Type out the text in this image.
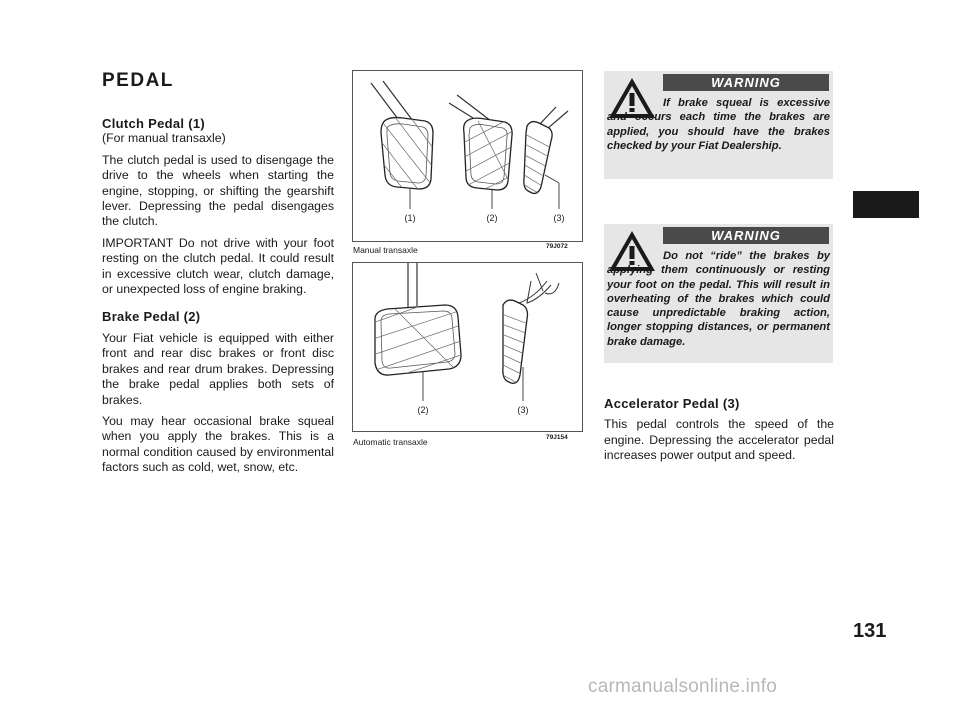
PEDAL
Clutch Pedal (1)
(For manual transaxle)

The clutch pedal is used to disengage the drive to the wheels when starting the engine, stopping, or shifting the gearshift lever. Depressing the pedal disengages the clutch.

IMPORTANT Do not drive with your foot resting on the clutch pedal. It could result in excessive clutch wear, clutch damage, or unexpected loss of engine braking.

Brake Pedal (2)

Your Fiat vehicle is equipped with either front and rear disc brakes or front disc brakes and rear drum brakes. Depressing the brake pedal applies both sets of brakes.

You may hear occasional brake squeal when you apply the brakes. This is a normal condition caused by environmental factors such as cold, wet, snow, etc.

(1)	(2)	(3)
Manual transaxle	79J072
(2)	(3)
Automatic transaxle	79J154
WARNING
If brake squeal is excessive and occurs each time the brakes are applied, you should have the brakes checked by your Fiat Dealership.
WARNING
Do not “ride” the brakes by applying them continuously or resting your foot on the pedal. This will result in overheating of the brakes which could cause unpredictable braking action, longer stopping distances, or permanent brake damage.
Accelerator Pedal (3)

This pedal controls the speed of the engine. Depressing the accelerator pedal increases power output and speed.

131
carmanualsonline.info
